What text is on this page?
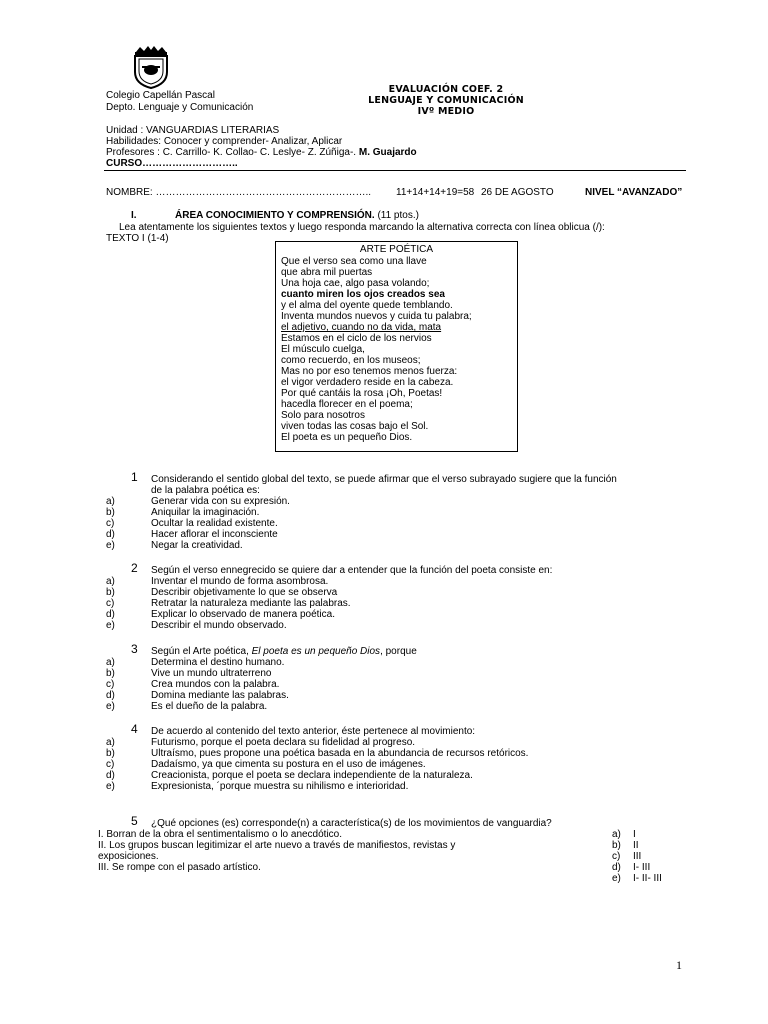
Colegio Capellán Pascal
Depto. Lenguaje y Comunicación
EVALUACIÓN COEF. 2
LENGUAJE Y COMUNICACIÓN
IVº MEDIO
Unidad : VANGUARDIAS LITERARIAS
Habilidades: Conocer y comprender- Analizar, Aplicar
Profesores : C. Carrillo- K. Collao- C. Leslye- Z. Zúñiga-. M. Guajardo
CURSO………………………..
NOMBRE: ……………………………………………………….. 11+14+14+19=58 26 DE AGOSTO	NIVEL “AVANZADO”
I.	ÁREA CONOCIMIENTO Y COMPRENSIÓN. (11 ptos.)
Lea atentamente los siguientes textos y luego responda marcando la alternativa correcta con línea oblicua (/):
TEXTO I (1-4)
ARTE POÉTICA
Que el verso sea como una llave
que abra mil puertas
Una hoja cae, algo pasa volando;
cuanto miren los ojos creados sea
y el alma del oyente quede temblando.
Inventa mundos nuevos y cuida tu palabra;
el adjetivo, cuando no da vida, mata
Estamos en el ciclo de los nervios
El músculo cuelga,
como recuerdo, en los museos;
Mas no por eso tenemos menos fuerza:
el vigor verdadero reside en la cabeza.
Por qué cantáis la rosa ¡Oh, Poetas!
hacedla florecer en el poema;
Solo para nosotros
viven todas las cosas bajo el Sol.
El poeta es un pequeño Dios.
1 Considerando el sentido global del texto, se puede afirmar que el verso subrayado sugiere que la función
de la palabra poética es:
a)	Generar vida con su expresión.
b)	Aniquilar la imaginación.
c)	Ocultar la realidad existente.
d)	Hacer aflorar el inconsciente
e)	Negar la creatividad.
2 Según el verso ennegrecido se quiere dar a entender que la función del poeta consiste en:
a)	Inventar el mundo de forma asombrosa.
b)	Describir objetivamente lo que se observa
c)	Retratar la naturaleza mediante las palabras.
d)	Explicar lo observado de manera poética.
e)	Describir el mundo observado.
3 Según el Arte poética, El poeta es un pequeño Dios, porque
a)	Determina el destino humano.
b)	Vive un mundo ultraterreno
c)	Crea mundos con la palabra.
d)	Domina mediante las palabras.
e)	Es el dueño de la palabra.
4 De acuerdo al contenido del texto anterior, éste pertenece al movimiento:
a)	Futurismo, porque el poeta declara su fidelidad al progreso.
b)	Ultraísmo, pues propone una poética basada en la abundancia de recursos retóricos.
c)	Dadaísmo, ya que cimenta su postura en el uso de imágenes.
d)	Creacionista, porque el poeta se declara independiente de la naturaleza.
e)	Expresionista, ´porque muestra su nihilismo e interioridad.
5 ¿Qué opciones (es) corresponde(n) a característica(s) de los movimientos de vanguardia?
I. Borran de la obra el sentimentalismo o lo anecdótico.
II. Los grupos buscan legitimizar el arte nuevo a través de manifiestos, revistas y
exposiciones.
III. Se rompe con el pasado artístico.
a) I
b) II
c) III
d) I- III
e) I- II- III
1
